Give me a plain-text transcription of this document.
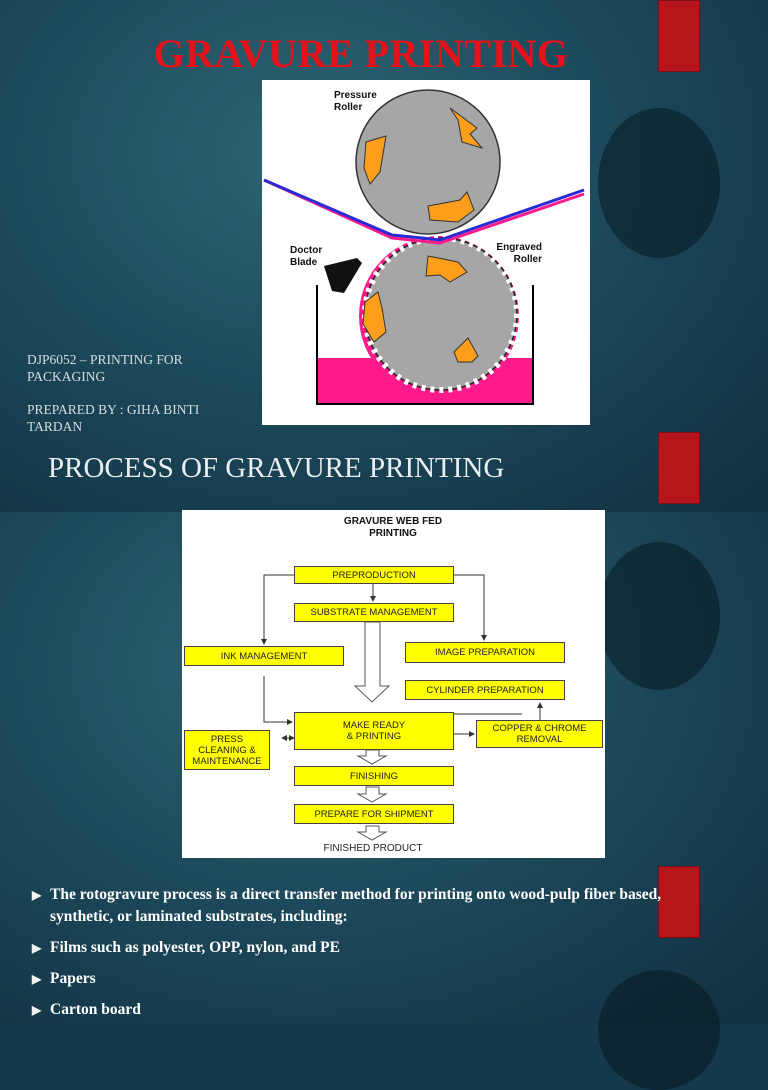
GRAVURE PRINTING
Pressure Roller
Doctor Blade
Engraved Roller
DJP6052 – PRINTING FOR PACKAGING
PREPARED BY : GIHA BINTI TARDAN
PROCESS OF GRAVURE PRINTING
GRAVURE WEB FED
PRINTING
PREPRODUCTION
SUBSTRATE MANAGEMENT
INK MANAGEMENT	IMAGE PREPARATION
CYLINDER PREPARATION
MAKE READY
& PRINTING
PRESS
CLEANING &
MAINTENANCE
COPPER & CHROME
REMOVAL
FINISHING
PREPARE FOR SHIPMENT
FINISHED PRODUCT
▶ The rotogravure process is a direct transfer method for printing onto wood-pulp fiber based, synthetic, or laminated substrates, including:
▶ Films such as polyester, OPP, nylon, and PE
▶ Papers
▶ Carton board
